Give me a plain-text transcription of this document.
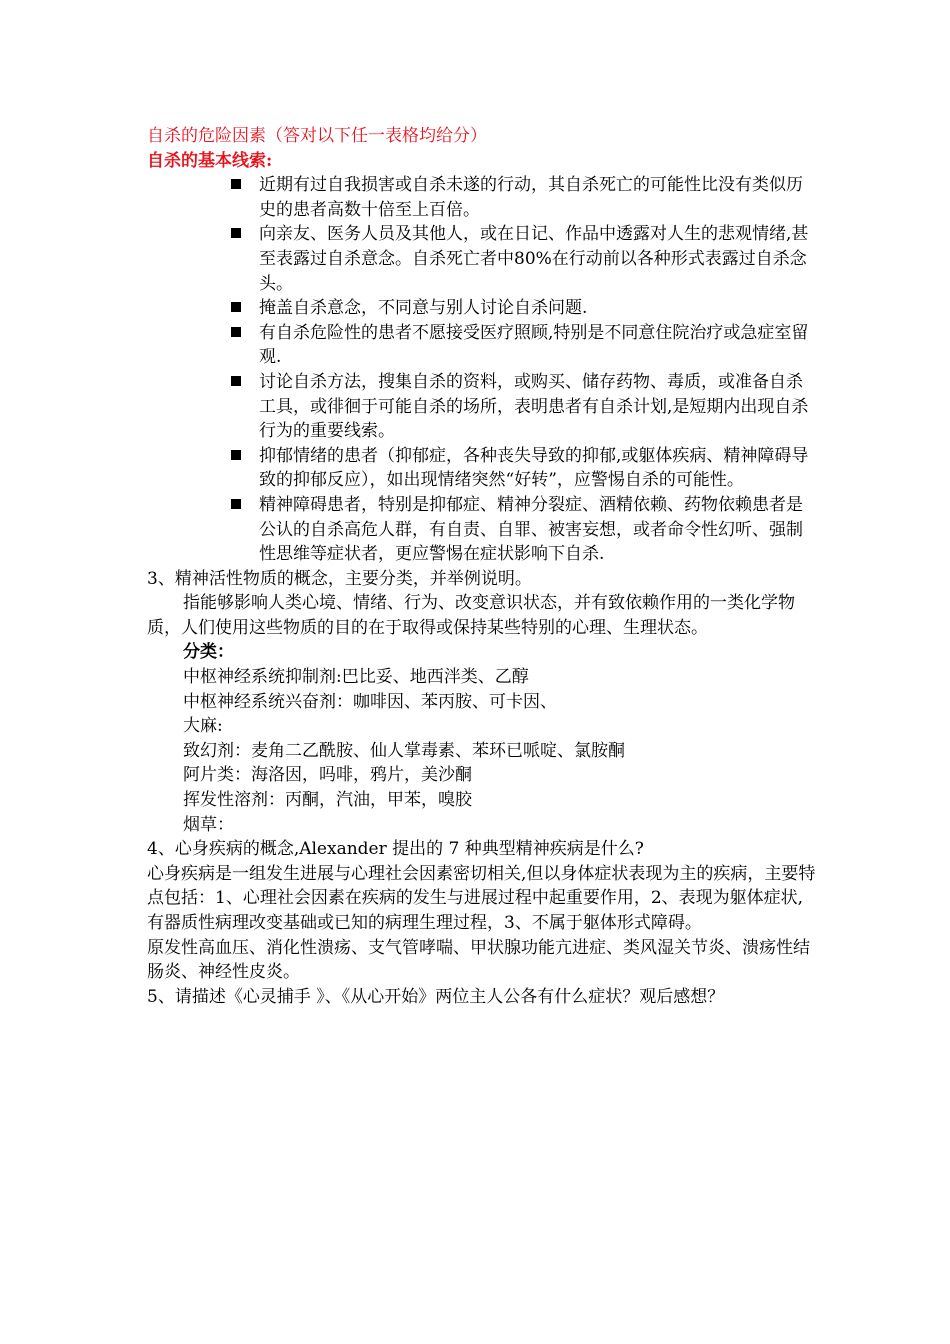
自杀的危险因素（答对以下任一表格均给分）

自杀的基本线索:

近期有过自我损害或自杀未遂的行动，其自杀死亡的可能性比没有类似历史的患者高数十倍至上百倍。
向亲友、医务人员及其他人，或在日记、作品中透露对人生的悲观情绪,甚至表露过自杀意念。自杀死亡者中80%在行动前以各种形式表露过自杀念头。
掩盖自杀意念，不同意与别人讨论自杀问题.
有自杀危险性的患者不愿接受医疗照顾,特别是不同意住院治疗或急症室留观.
讨论自杀方法，搜集自杀的资料，或购买、储存药物、毒质，或准备自杀工具，或徘徊于可能自杀的场所，表明患者有自杀计划,是短期内出现自杀行为的重要线索。
抑郁情绪的患者（抑郁症，各种丧失导致的抑郁,或躯体疾病、精神障碍导致的抑郁反应），如出现情绪突然“好转”，应警惕自杀的可能性。
精神障碍患者，特别是抑郁症、精神分裂症、酒精依赖、药物依赖患者是公认的自杀高危人群，有自责、自罪、被害妄想，或者命令性幻听、强制性思维等症状者，更应警惕在症状影响下自杀.

3、精神活性物质的概念，主要分类，并举例说明。

指能够影响人类心境、情绪、行为、改变意识状态，并有致依赖作用的一类化学物质，人们使用这些物质的目的在于取得或保持某些特别的心理、生理状态。

分类：

中枢神经系统抑制剂:巴比妥、地西泮类、乙醇

中枢神经系统兴奋剂：咖啡因、苯丙胺、可卡因、

大麻:

致幻剂：麦角二乙酰胺、仙人掌毒素、苯环已哌啶、氯胺酮

阿片类：海洛因，吗啡，鸦片，美沙酮

挥发性溶剂：丙酮，汽油，甲苯，嗅胶

烟草：

4、心身疾病的概念,Alexander 提出的 7 种典型精神疾病是什么?

心身疾病是一组发生进展与心理社会因素密切相关,但以身体症状表现为主的疾病，主要特点包括：1、心理社会因素在疾病的发生与进展过程中起重要作用，2、表现为躯体症状,有器质性病理改变基础或已知的病理生理过程，3、不属于躯体形式障碍。

原发性高血压、消化性溃疡、支气管哮喘、甲状腺功能亢进症、类风湿关节炎、溃疡性结肠炎、神经性皮炎。

5、请描述《心灵捕手 》、《从心开始》两位主人公各有什么症状？观后感想？
